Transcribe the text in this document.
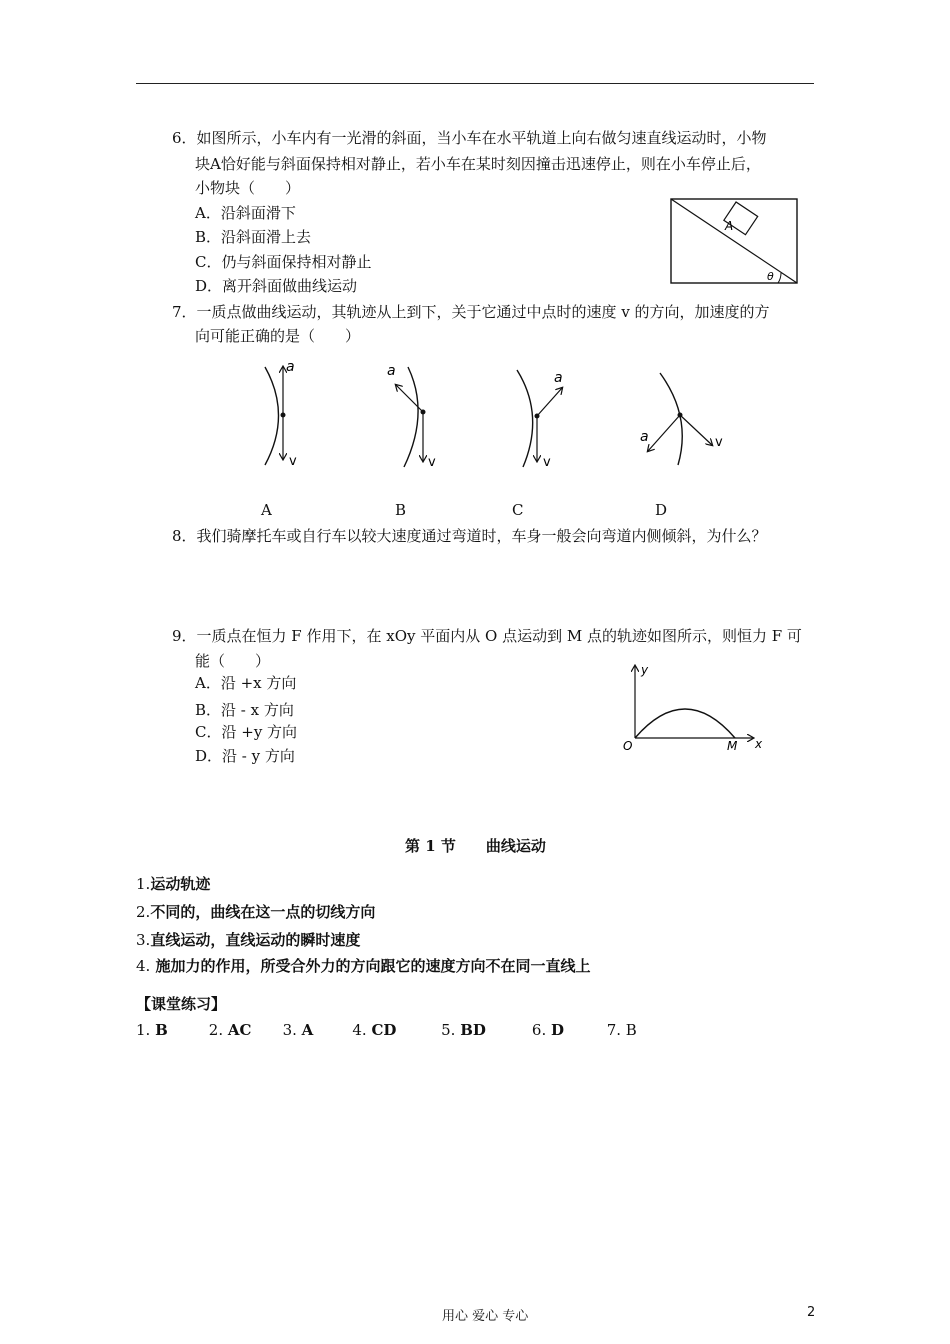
6．如图所示，小车内有一光滑的斜面，当小车在水平轨道上向右做匀速直线运动时，小物
块A恰好能与斜面保持相对静止，若小车在某时刻因撞击迅速停止，则在小车停止后，
小物块（　　）
A．沿斜面滑下
B．沿斜面滑上去
C．仍与斜面保持相对静止
D．离开斜面做曲线运动
A
θ
7．一质点做曲线运动，其轨迹从上到下，关于它通过中点时的速度 v 的方向，加速度的方
向可能正确的是（　　）
a
v
a
v
a
v
a	v
A	B	C	D
8．我们骑摩托车或自行车以较大速度通过弯道时，车身一般会向弯道内侧倾斜，为什么？
9．一质点在恒力 F 作用下，在 xOy 平面内从 O 点运动到 M 点的轨迹如图所示，则恒力 F 可
能（　　）
A．沿 +x 方向
B．沿 - x 方向
C．沿 +y 方向
D．沿 - y 方向
y
x
O	M
第 1 节　　曲线运动
1.运动轨迹
2.不同的，曲线在这一点的切线方向
3.直线运动，直线运动的瞬时速度
4. 施加力的作用，所受合外力的方向跟它的速度方向不在同一直线上
【课堂练习】
1. B	2. AC 3. A	4. CD	5. BD	6. D	7. B
用心 爱心 专心	2
